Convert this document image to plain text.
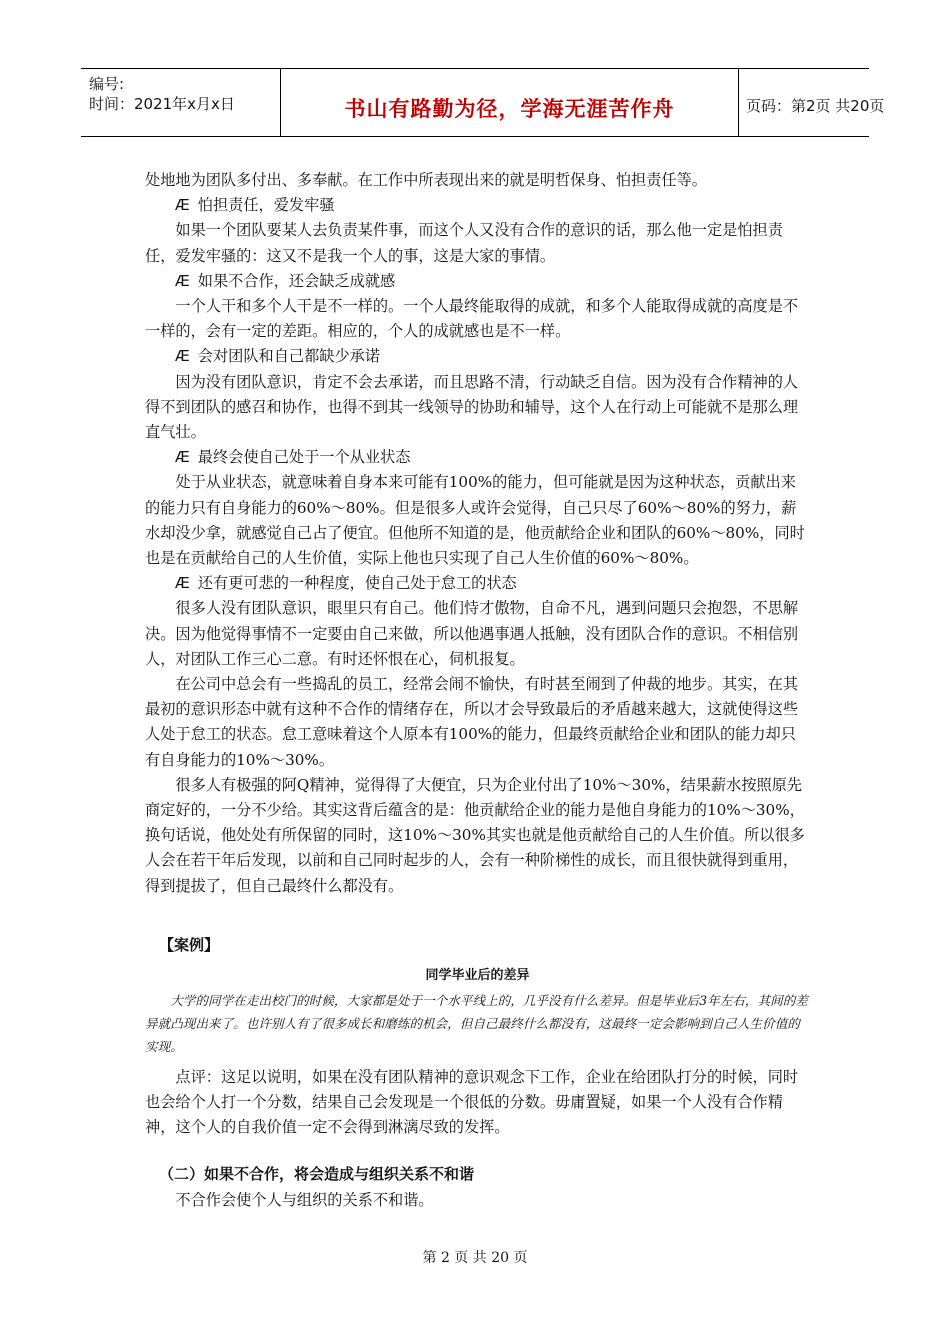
编号:
时间：2021年x月x日	书山有路勤为径，学海无涯苦作舟	页码：第2页 共20页

处地地为团队多付出、多奉献。在工作中所表现出来的就是明哲保身、怕担责任等。

Æ 怕担责任，爱发牢骚

如果一个团队要某人去负责某件事，而这个人又没有合作的意识的话，那么他一定是怕担责任，爱发牢骚的：这又不是我一个人的事，这是大家的事情。

Æ 如果不合作，还会缺乏成就感

一个人干和多个人干是不一样的。一个人最终能取得的成就，和多个人能取得成就的高度是不一样的，会有一定的差距。相应的，个人的成就感也是不一样。

Æ 会对团队和自己都缺少承诺

因为没有团队意识，肯定不会去承诺，而且思路不清，行动缺乏自信。因为没有合作精神的人得不到团队的感召和协作，也得不到其一线领导的协助和辅导，这个人在行动上可能就不是那么理直气壮。

Æ 最终会使自己处于一个从业状态

处于从业状态，就意味着自身本来可能有100%的能力，但可能就是因为这种状态，贡献出来的能力只有自身能力的60%～80%。但是很多人或许会觉得，自己只尽了60%～80%的努力，薪水却没少拿，就感觉自己占了便宜。但他所不知道的是，他贡献给企业和团队的60%～80%，同时也是在贡献给自己的人生价值，实际上他也只实现了自己人生价值的60%～80%。

Æ 还有更可悲的一种程度，使自己处于怠工的状态

很多人没有团队意识，眼里只有自己。他们恃才傲物，自命不凡，遇到问题只会抱怨，不思解决。因为他觉得事情不一定要由自己来做，所以他遇事遇人抵触，没有团队合作的意识。不相信别人，对团队工作三心二意。有时还怀恨在心，伺机报复。

在公司中总会有一些捣乱的员工，经常会闹不愉快，有时甚至闹到了仲裁的地步。其实，在其最初的意识形态中就有这种不合作的情绪存在，所以才会导致最后的矛盾越来越大，这就使得这些人处于怠工的状态。怠工意味着这个人原本有100%的能力，但最终贡献给企业和团队的能力却只有自身能力的10%～30%。

很多人有极强的阿Q精神，觉得得了大便宜，只为企业付出了10%～30%，结果薪水按照原先商定好的，一分不少给。其实这背后蕴含的是：他贡献给企业的能力是他自身能力的10%～30%，换句话说，他处处有所保留的同时，这10%～30%其实也就是他贡献给自己的人生价值。所以很多人会在若干年后发现，以前和自己同时起步的人，会有一种阶梯性的成长，而且很快就得到重用，得到提拔了，但自己最终什么都没有。

【案例】
同学毕业后的差异

大学的同学在走出校门的时候，大家都是处于一个水平线上的，几乎没有什么差异。但是毕业后3年左右，其间的差异就凸现出来了。也许别人有了很多成长和磨练的机会，但自己最终什么都没有，这最终一定会影响到自己人生价值的实现。

点评：这足以说明，如果在没有团队精神的意识观念下工作，企业在给团队打分的时候，同时也会给个人打一个分数，结果自己会发现是一个很低的分数。毋庸置疑，如果一个人没有合作精神，这个人的自我价值一定不会得到淋漓尽致的发挥。

（二）如果不合作，将会造成与组织关系不和谐

不合作会使个人与组织的关系不和谐。

第 2 页 共 20 页
